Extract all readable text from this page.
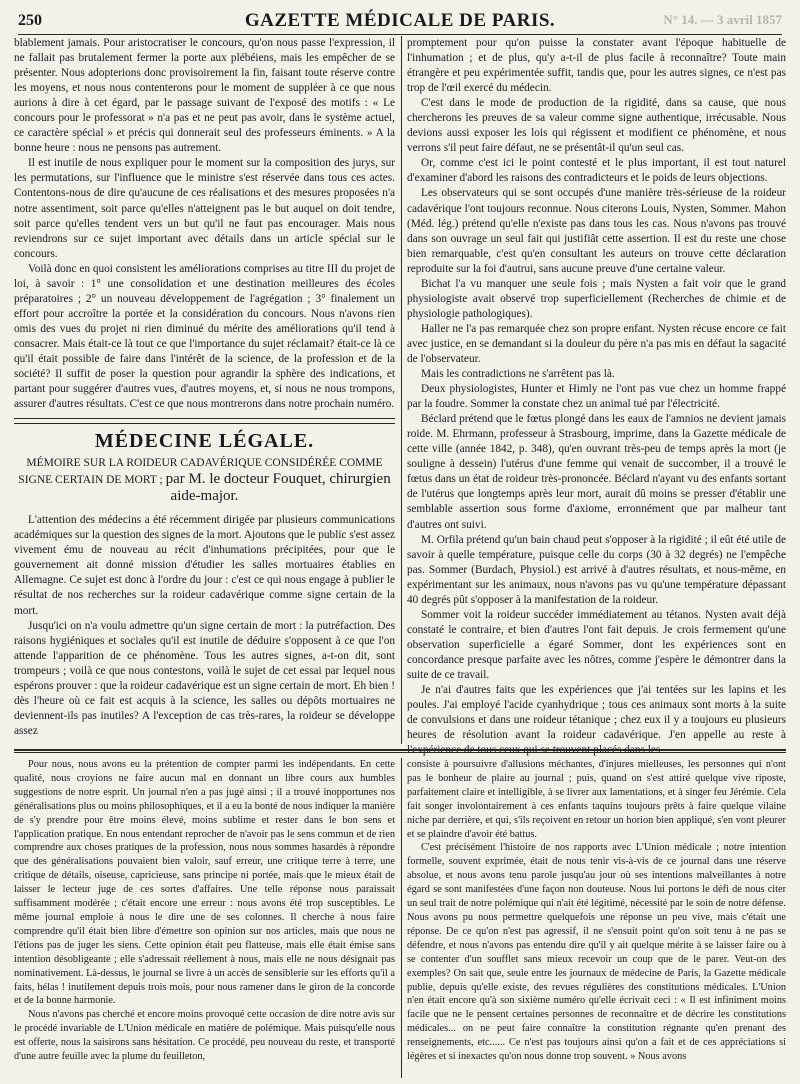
250	GAZETTE MÉDICALE DE PARIS.	N° 14. — 3 avril 1857

blablement jamais. Pour aristocratiser le concours, qu'on nous passe l'expression, il ne fallait pas brutalement fermer la porte aux plébéiens, mais les empêcher de se présenter. Nous adopterions donc provisoirement la fin, faisant toute réserve contre les moyens, et nous nous contenterons pour le moment de suppléer à ce que nous aurions à dire à cet égard, par le passage suivant de l'exposé des motifs : « Le concours pour le professorat » n'a pas et ne peut pas avoir, dans le système actuel, ce caractère spécial » et précis qui donnerait seul des professeurs éminents. » A la bonne heure : nous ne pensons pas autrement.

Il est inutile de nous expliquer pour le moment sur la composition des jurys, sur les permutations, sur l'influence que le ministre s'est réservée dans tous ces actes. Contentons-nous de dire qu'aucune de ces réalisations et des mesures proposées n'a notre assentiment, soit parce qu'elles n'atteignent pas le but auquel on doit tendre, soit parce qu'elles tendent vers un but qu'il ne faut pas encourager. Mais nous reviendrons sur ce sujet important avec détails dans un article spécial sur le concours.

Voilà donc en quoi consistent les améliorations comprises au titre III du projet de loi, à savoir : 1° une consolidation et une destination meilleures des écoles préparatoires ; 2° un nouveau développement de l'agrégation ; 3° finalement un effort pour accroître la portée et la considération du concours. Nous n'avons rien omis des vues du projet ni rien diminué du mérite des améliorations qu'il tend à consacrer. Mais était-ce là tout ce que l'importance du sujet réclamait? était-ce là ce qu'il était possible de faire dans l'intérêt de la science, de la profession et de la société? Il suffit de poser la question pour agrandir la sphère des indications, et partant pour suggérer d'autres vues, d'autres moyens, et, si nous ne nous trompons, assurer d'autres résultats. C'est ce que nous montrerons dans notre prochain numéro.

MÉDECINE LÉGALE.
MÉMOIRE SUR LA ROIDEUR CADAVÉRIQUE CONSIDÉRÉE COMME SIGNE CERTAIN DE MORT ; par M. le docteur Fouquet, chirurgien aide-major.

L'attention des médecins a été récemment dirigée par plusieurs communications académiques sur la question des signes de la mort. Ajoutons que le public s'est assez vivement ému de nouveau au récit d'inhumations précipitées, pour que le gouvernement ait donné mission d'étudier les salles mortuaires établies en Allemagne. Ce sujet est donc à l'ordre du jour : c'est ce qui nous engage à publier le résultat de nos recherches sur la roideur cadavérique comme signe certain de la mort.

Jusqu'ici on n'a voulu admettre qu'un signe certain de mort : la putréfaction. Des raisons hygiéniques et sociales qu'il est inutile de déduire s'opposent à ce que l'on attende l'apparition de ce phénomène. Tous les autres signes, a-t-on dit, sont trompeurs ; voilà ce que nous contestons, voilà le sujet de cet essai par lequel nous espérons prouver : que la roideur cadavérique est un signe certain de mort. Eh bien ! dès l'heure où ce fait est acquis à la science, les salles ou dépôts mortuaires ne deviennent-ils pas inutiles? A l'exception de cas très-rares, la roideur se développe assez

promptement pour qu'on puisse la constater avant l'époque habituelle de l'inhumation ; et de plus, qu'y a-t-il de plus facile à reconnaître? Toute main étrangère et peu expérimentée suffit, tandis que, pour les autres signes, ce n'est pas trop de l'œil exercé du médecin.

C'est dans le mode de production de la rigidité, dans sa cause, que nous chercherons les preuves de sa valeur comme signe authentique, irrécusable. Nous devions aussi exposer les lois qui régissent et modifient ce phénomène, et nous verrons s'il peut faire défaut, ne se présentât-il qu'un seul cas.

Or, comme c'est ici le point contesté et le plus important, il est tout naturel d'examiner d'abord les raisons des contradicteurs et le poids de leurs objections.

Les observateurs qui se sont occupés d'une manière très-sérieuse de la roideur cadavérique l'ont toujours reconnue. Nous citerons Louis, Nysten, Sommer. Mahon (Méd. lég.) prétend qu'elle n'existe pas dans tous les cas. Nous n'avons pas trouvé dans son ouvrage un seul fait qui justifiât cette assertion. Il est du reste une chose bien remarquable, c'est qu'en consultant les auteurs on trouve cette déclaration reproduite sur la foi d'autrui, sans aucune preuve d'une certaine valeur.

Bichat l'a vu manquer une seule fois ; mais Nysten a fait voir que le grand physiologiste avait observé trop superficiellement (Recherches de chimie et de physiologie pathologiques).

Haller ne l'a pas remarquée chez son propre enfant. Nysten récuse encore ce fait avec justice, en se demandant si la douleur du père n'a pas mis en défaut la sagacité de l'observateur.

Mais les contradictions ne s'arrêtent pas là.

Deux physiologistes, Hunter et Himly ne l'ont pas vue chez un homme frappé par la foudre. Sommer la constate chez un animal tué par l'électricité.

Béclard prétend que le fœtus plongé dans les eaux de l'amnios ne devient jamais roide. M. Ehrmann, professeur à Strasbourg, imprime, dans la Gazette médicale de cette ville (année 1842, p. 348), qu'en ouvrant très-peu de temps après la mort (je souligne à dessein) l'utérus d'une femme qui venait de succomber, il a trouvé le fœtus dans un état de roideur très-prononcée. Béclard n'ayant vu des enfants sortant de l'utérus que longtemps après leur mort, aurait dû moins se presser d'établir une semblable assertion sous forme d'axiome, erronnément que par malheur tant d'autres ont suivi.

M. Orfila prétend qu'un bain chaud peut s'opposer à la rigidité ; il eût été utile de savoir à quelle température, puisque celle du corps (30 à 32 degrés) ne l'empêche pas. Sommer (Burdach, Physiol.) est arrivé à d'autres résultats, et nous-même, en expérimentant sur les animaux, nous n'avons pas vu qu'une température dépassant 40 degrés pût s'opposer à la manifestation de la roideur.

Sommer voit la roideur succéder immédiatement au tétanos. Nysten avait déjà constaté le contraire, et bien d'autres l'ont fait depuis. Je crois fermement qu'une observation superficielle a égaré Sommer, dont les expériences sont en concordance presque parfaite avec les nôtres, comme j'espère le démontrer dans la suite de ce travail.

Je n'ai d'autres faits que les expériences que j'ai tentées sur les lapins et les poules. J'ai employé l'acide cyanhydrique ; tous ces animaux sont morts à la suite de convulsions et dans une roideur tétanique ; chez eux il y a toujours eu plusieurs heures de résolution avant la roideur cadavérique. J'en appelle au reste à

Pour nous, nous avons eu la prétention de compter parmi les indépendants. En cette qualité, nous croyions ne faire aucun mal en donnant un libre cours aux humbles suggestions de notre esprit. Un journal n'en a pas jugé ainsi ; il a trouvé inopportunes nos généralisations plus ou moins philosophiques, et il a eu la bonté de nous indiquer la manière de s'y prendre pour être moins élevé, moins sublime et rester dans le bon sens et l'application pratique. En nous entendant reprocher de n'avoir pas le sens commun et de rien comprendre aux choses pratiques de la profession, nous nous sommes hasardés à répondre que des généralisations pouvaient bien valoir, sauf erreur, une critique terre à terre, une critique de détails, oiseuse, capricieuse, sans principe ni portée, mais que le mieux était de laisser le lecteur juge de ces sortes d'affaires. Une telle réponse nous paraissait suffisamment modérée ; c'était encore une erreur : nous avons été trop susceptibles. Le même journal emploie à nous le dire une de ses colonnes. Il cherche à nous faire comprendre qu'il était bien libre d'émettre son opinion sur nos articles, mais que nous ne l'étions pas de juger les siens. Cette opinion était peu flatteuse, mais elle était émise sans intention désobligeante ; elle s'adressait réellement à nous, mais elle ne nous désignait pas nominativement. Là-dessus, le journal se livre à un accès de sensiblerie sur les efforts qu'il a faits, hélas ! inutilement depuis trois mois, pour nous ramener dans le giron de la concorde et de la bonne harmonie.

Nous n'avons pas cherché et encore moins provoqué cette occasion de dire notre avis sur le procédé invariable de L'Union médicale en matière de polémique. Mais puisqu'elle nous est offerte, nous la saisirons sans hésitation. Ce procédé, peu nouveau du reste, et transporté d'une autre feuille avec la plume du feuilleton,

consiste à poursuivre d'allusions méchantes, d'injures mielleuses, les personnes qui n'ont pas le bonheur de plaire au journal ; puis, quand on s'est attiré quelque vive riposte, parfaitement claire et intelligible, à se livrer aux lamentations, et à singer feu Jérémie. Cela fait songer involontairement à ces enfants taquins toujours prêts à faire quelque vilaine niche par derrière, et qui, s'ils reçoivent en retour un horion bien appliqué, s'en vont pleurer et se plaindre d'avoir été battus.

C'est précisément l'histoire de nos rapports avec L'Union médicale ; notre intention formelle, souvent exprimée, était de nous tenir vis-à-vis de ce journal dans une réserve absolue, et nous avons tenu parole jusqu'au jour où ses intentions malveillantes à notre égard se sont manifestées d'une façon non douteuse. Nous lui portons le défi de nous citer un seul trait de notre polémique qui n'ait été légitimé, nécessité par le soin de notre défense. Nous avons pu nous permettre quelquefois une réponse un peu vive, mais c'était une réponse. De ce qu'on n'est pas agressif, il ne s'ensuit point qu'on soit tenu à ne pas se défendre, et nous n'avons pas entendu dire qu'il y ait quelque mérite à se laisser faire ou à se contenter d'un soufflet sans mieux recevoir un coup que de le parer. Veut-on des exemples? On sait que, seule entre les journaux de médecine de Paris, la Gazette médicale publie, depuis qu'elle existe, des revues régulières des constitutions médicales. L'Union n'en était encore qu'à son sixième numéro qu'elle écrivait ceci : « Il est infiniment moins facile que ne le pensent certaines personnes de reconnaître et de décrire les constitutions médicales... on ne peut faire connaître la constitution régnante qu'en prenant des renseignements, etc...... Ce n'est pas toujours ainsi qu'on a fait et de ces appréciations si légères et si inexactes qu'on nous donne trop souvent. » Nous avons
